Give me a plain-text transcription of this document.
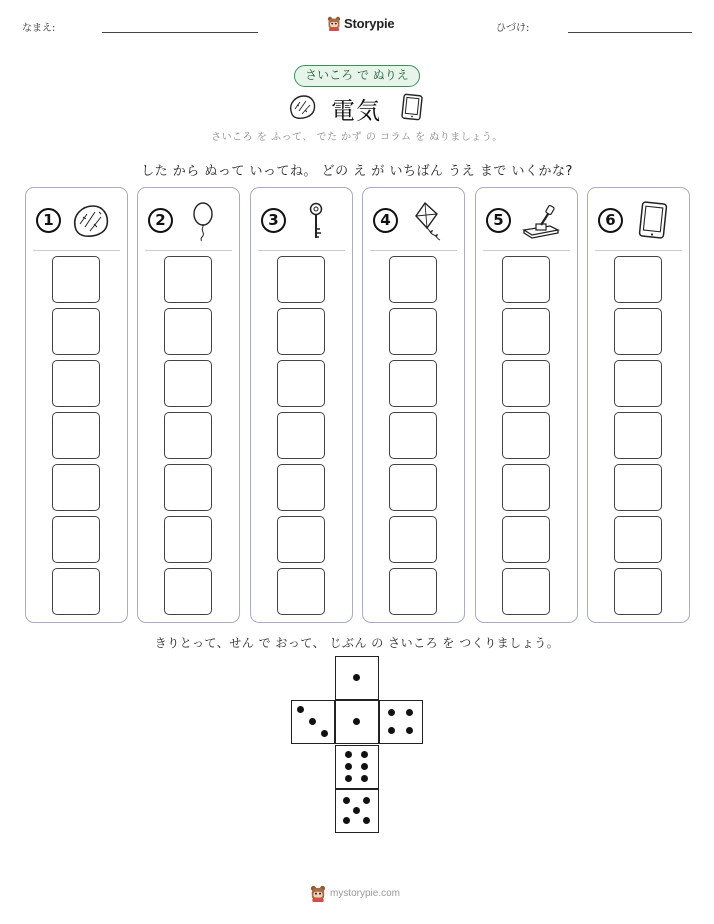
なまえ:	Storypie	ひづけ:
さいころ で ぬりえ
電気
さいころ を ふって、 でた かず の コラム を ぬりましょう。
した から ぬって いってね。 どの え が いちばん うえ まで いくかな?
1	2	3	4	5	6
きりとって、せん で おって、 じぶん の さいころ を つくりましょう。
mystorypie.com
